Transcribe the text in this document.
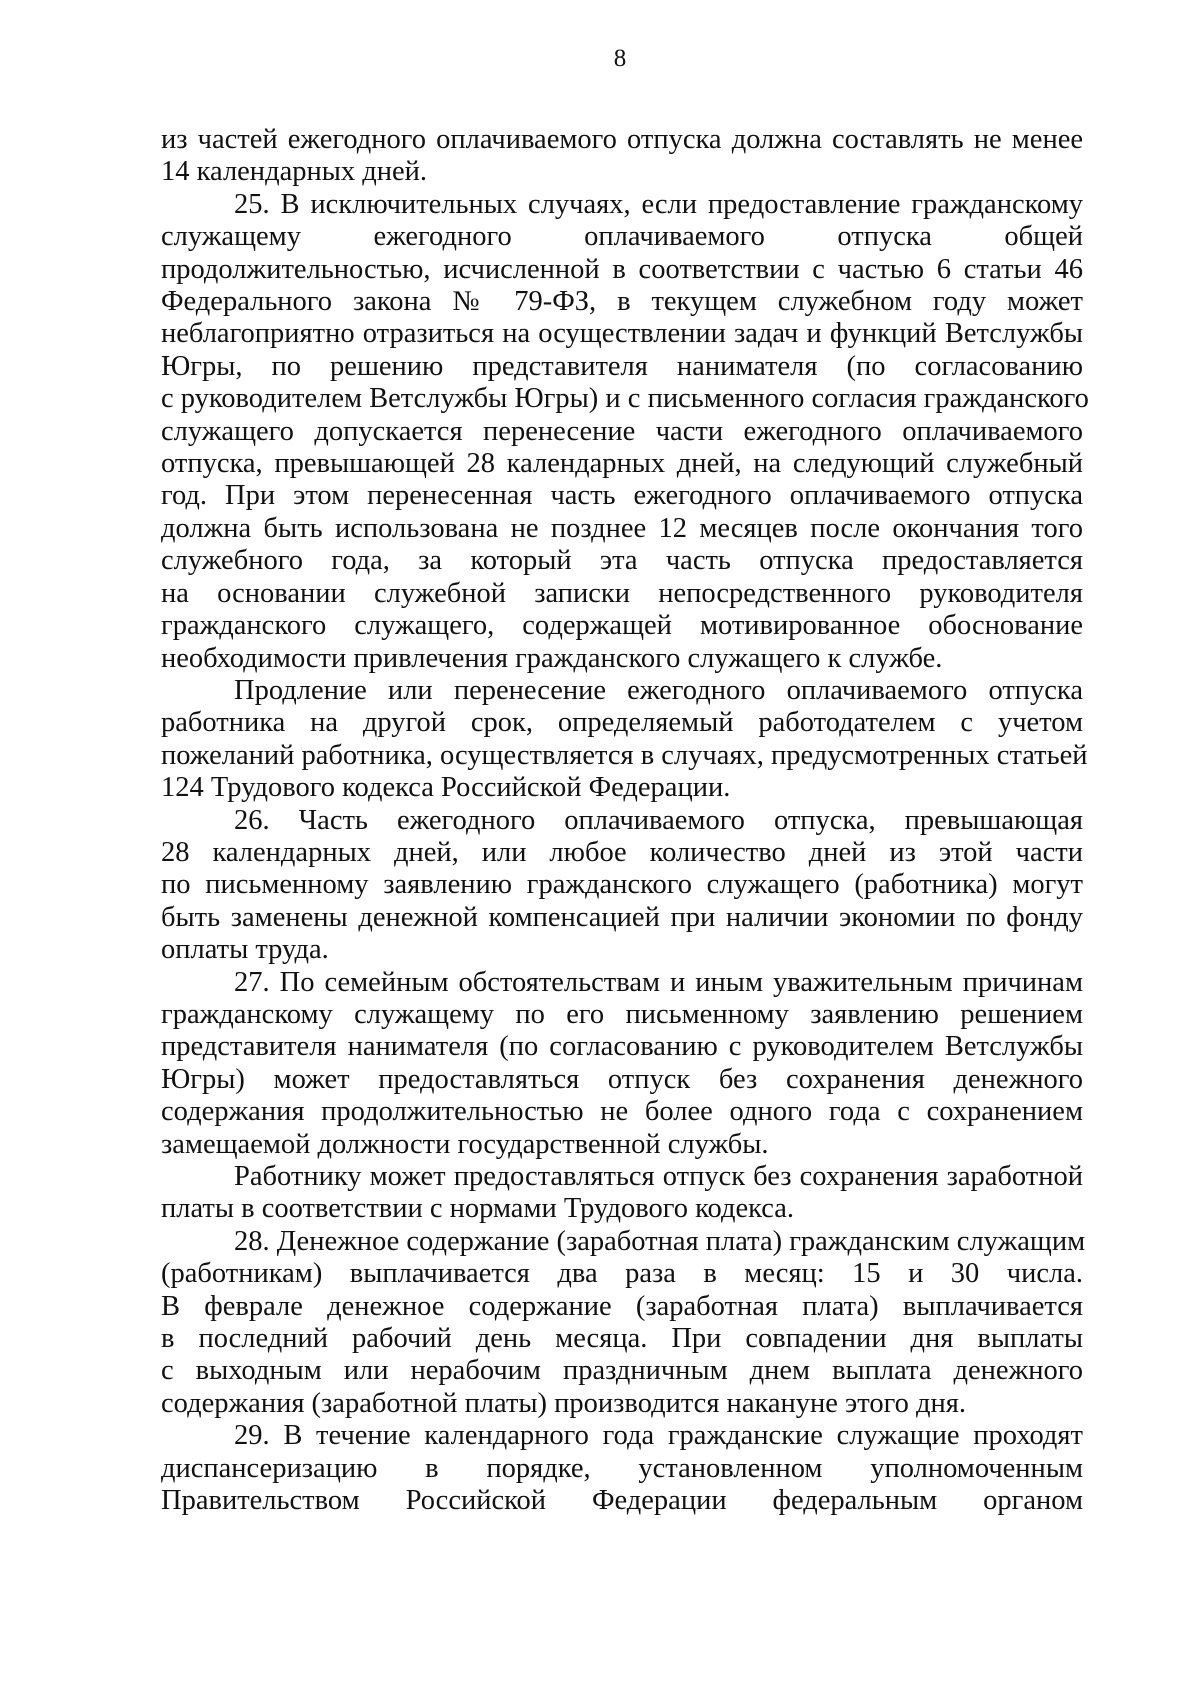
8
из частей ежегодного оплачиваемого отпуска должна составлять не менее
14 календарных дней.
25. В исключительных случаях, если предоставление гражданскому
служащему ежегодного оплачиваемого отпуска общей
продолжительностью, исчисленной в соответствии с частью 6 статьи 46
Федерального закона № 79-ФЗ, в текущем служебном году может
неблагоприятно отразиться на осуществлении задач и функций Ветслужбы
Югры, по решению представителя нанимателя (по согласованию
с руководителем Ветслужбы Югры) и с письменного согласия гражданского
служащего допускается перенесение части ежегодного оплачиваемого
отпуска, превышающей 28 календарных дней, на следующий служебный
год. При этом перенесенная часть ежегодного оплачиваемого отпуска
должна быть использована не позднее 12 месяцев после окончания того
служебного года, за который эта часть отпуска предоставляется
на основании служебной записки непосредственного руководителя
гражданского служащего, содержащей мотивированное обоснование
необходимости привлечения гражданского служащего к службе.
Продление или перенесение ежегодного оплачиваемого отпуска
работника на другой срок, определяемый работодателем с учетом
пожеланий работника, осуществляется в случаях, предусмотренных статьей
124 Трудового кодекса Российской Федерации.
26. Часть ежегодного оплачиваемого отпуска, превышающая
28 календарных дней, или любое количество дней из этой части
по письменному заявлению гражданского служащего (работника) могут
быть заменены денежной компенсацией при наличии экономии по фонду
оплаты труда.
27. По семейным обстоятельствам и иным уважительным причинам
гражданскому служащему по его письменному заявлению решением
представителя нанимателя (по согласованию с руководителем Ветслужбы
Югры) может предоставляться отпуск без сохранения денежного
содержания продолжительностью не более одного года с сохранением
замещаемой должности государственной службы.
Работнику может предоставляться отпуск без сохранения заработной
платы в соответствии с нормами Трудового кодекса.
28. Денежное содержание (заработная плата) гражданским служащим
(работникам) выплачивается два раза в месяц: 15 и 30 числа.
В феврале денежное содержание (заработная плата) выплачивается
в последний рабочий день месяца. При совпадении дня выплаты
с выходным или нерабочим праздничным днем выплата денежного
содержания (заработной платы) производится накануне этого дня.
29. В течение календарного года гражданские служащие проходят
диспансеризацию в порядке, установленном уполномоченным
Правительством Российской Федерации федеральным органом
